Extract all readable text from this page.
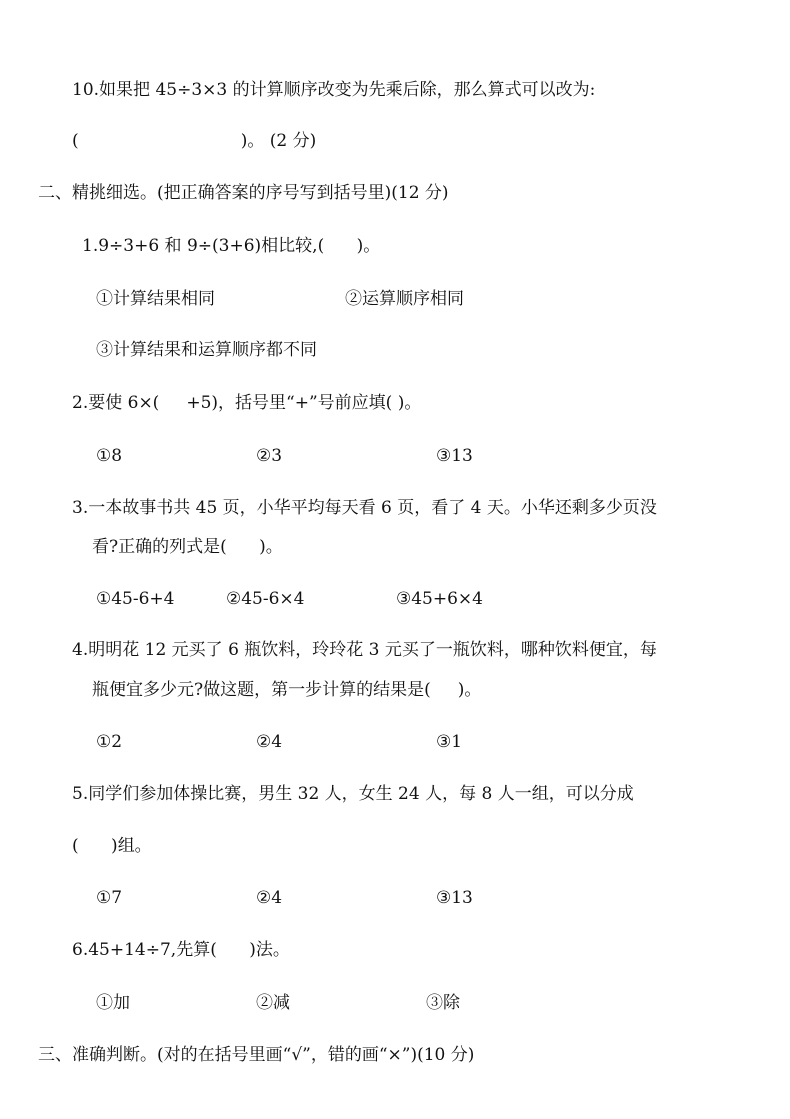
10.如果把 45÷3×3 的计算顺序改变为先乘后除，那么算式可以改为:
(                              )。 (2 分)
二、精挑细选。(把正确答案的序号写到括号里)(12 分)
1.9÷3+6 和 9÷(3+6)相比较,(      )。
①计算结果相同	②运算顺序相同
③计算结果和运算顺序都不同
2.要使 6×(     +5)，括号里“+”号前应填( )。
①8	②3	③13
3.一本故事书共 45 页，小华平均每天看 6 页，看了 4 天。小华还剩多少页没
看?正确的列式是(      )。
①45-6+4	②45-6×4	③45+6×4
4.明明花 12 元买了 6 瓶饮料，玲玲花 3 元买了一瓶饮料，哪种饮料便宜，每
瓶便宜多少元?做这题，第一步计算的结果是(     )。
①2	②4	③1
5.同学们参加体操比赛，男生 32 人，女生 24 人，每 8 人一组，可以分成
(      )组。
①7	②4	③13
6.45+14÷7,先算(      )法。
①加	②减	③除
三、准确判断。(对的在括号里画“√”，错的画“×”)(10 分)
